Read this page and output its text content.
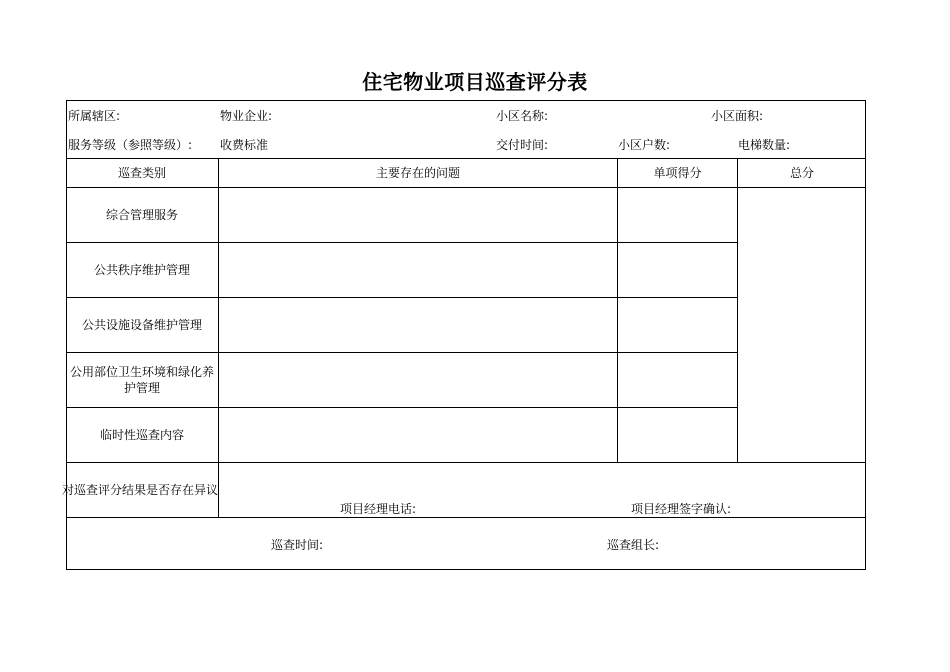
住宅物业项目巡查评分表
所属辖区:	物业企业:	小区名称:	小区面积:
服务等级（参照等级）: 收费标准	交付时间:	小区户数:	电梯数量:
巡查类别	主要存在的问题	单项得分	总分
综合管理服务
公共秩序维护管理
公共设施设备维护管理
公用部位卫生环境和绿化养护管理
临时性巡查内容
对巡查评分结果是否存在异议
项目经理电话:	项目经理签字确认:
巡查时间:	巡查组长:
